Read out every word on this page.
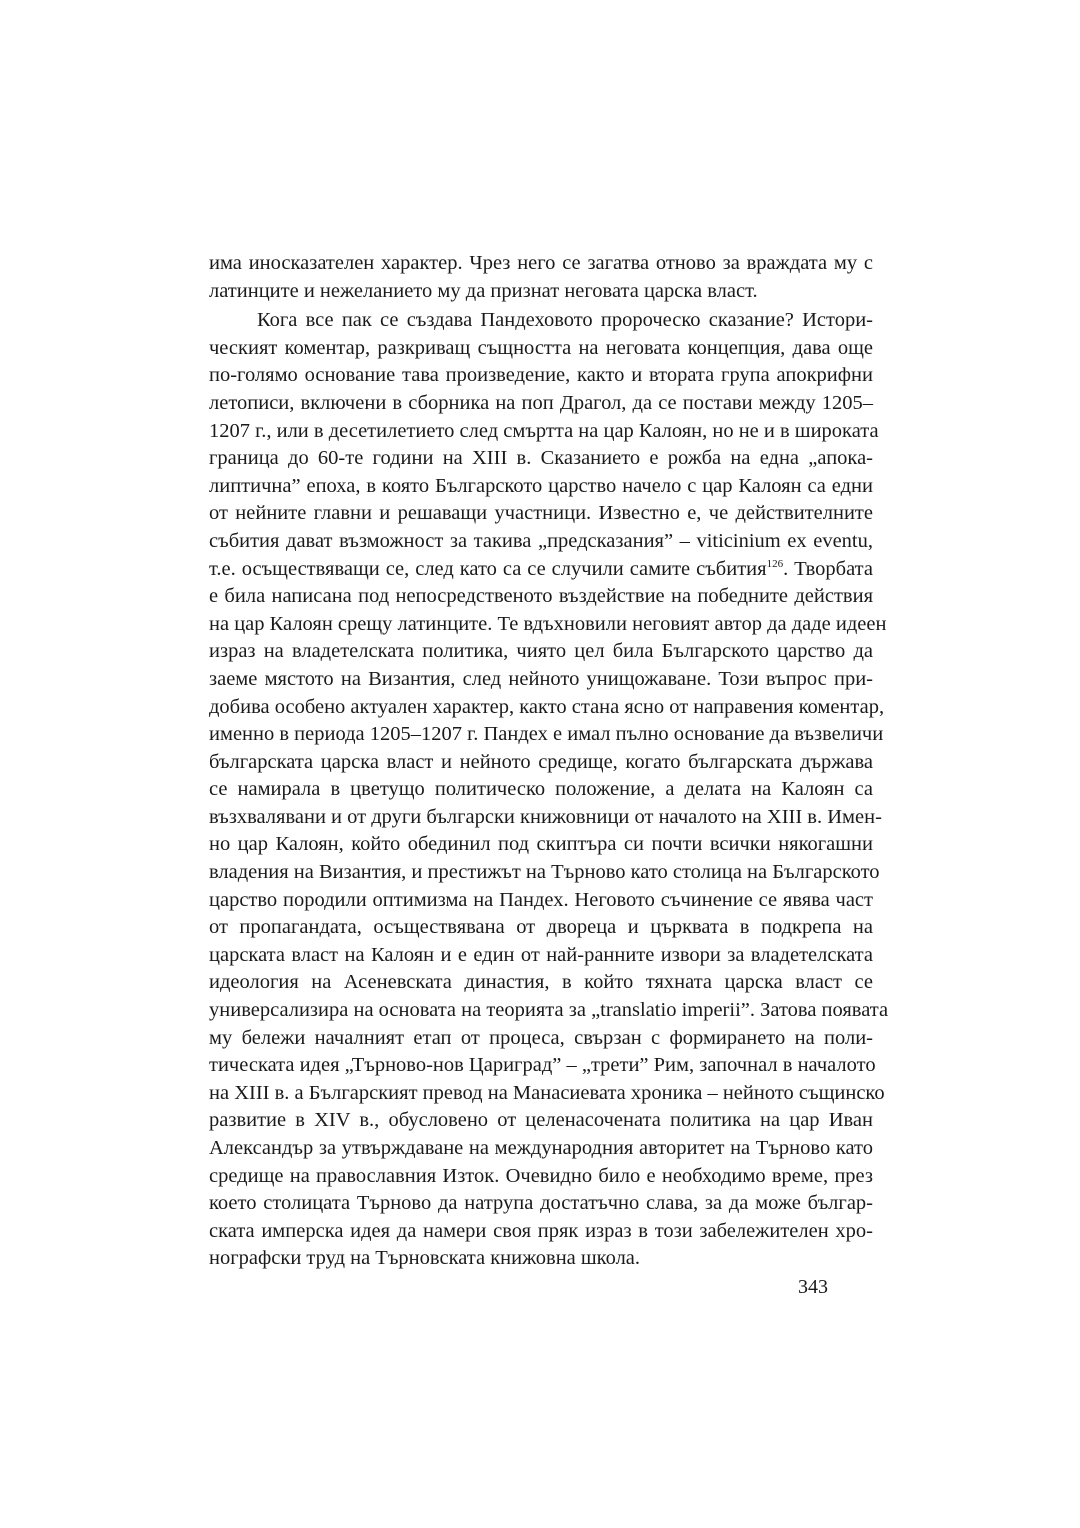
има иносказателен характер. Чрез него се загатва отново за враждата му с
латинците и нежеланието му да признат неговата царска власт.
Кога все пак се създава Пандеховото пророческо сказание? Истори-
ческият коментар, разкриващ същността на неговата концепция, дава още
по-голямо основание тава произведение, както и втората група апокрифни
летописи, включени в сборника на поп Драгол, да се постави между 1205–
1207 г., или в десетилетието след смъртта на цар Калоян, но не и в широката
граница до 60-те години на XIII в. Сказанието е рожба на една „апока-
липтична” епоха, в която Българското царство начело с цар Калоян са едни
от нейните главни и решаващи участници. Известно е, че действителните
събития дават възможност за такива „предсказания” – viticinium ex eventu,
т.е. осъществяващи се, след като са се случили самите събития$^{126}$. Творбата
е била написана под непосредственото въздействие на победните действия
на цар Калоян срещу латинците. Те вдъхновили неговият автор да даде идеен
израз на владетелската политика, чиято цел била Българското царство да
заеме мястото на Византия, след нейното унищожаване. Този въпрос при-
добива особено актуален характер, както стана ясно от направения коментар,
именно в периода 1205–1207 г. Пандех е имал пълно основание да възвеличи
българската царска власт и нейното средище, когато българската държава
се намирала в цветущо политическо положение, а делата на Калоян са
възхвалявани и от други български книжовници от началото на XIII в. Имен-
но цар Калоян, който обединил под скиптъра си почти всички някогашни
владения на Византия, и престижът на Търново като столица на Българското
царство породили оптимизма на Пандех. Неговото съчинение се явява част
от пропагандата, осъществявана от двореца и църквата в подкрепа на
царската власт на Калоян и е един от най-ранните извори за владетелската
идеология на Асеневската династия, в който тяхната царска власт се
универсализира на основата на теорията за „translatio imperii”. Затова появата
му бележи началният етап от процеса, свързан с формирането на поли-
тическата идея „Търново-нов Цариград” – „трети” Рим, започнал в началото
на XIII в. а Българският превод на Манасиевата хроника – нейното същинско
развитие в XIV в., обусловено от целенасочената политика на цар Иван
Александър за утвърждаване на международния авторитет на Търново като
средище на православния Изток. Очевидно било е необходимо време, през
което столицата Търново да натрупа достатъчно слава, за да може българ-
ската имперска идея да намери своя пряк израз в този забележителен хро-
нографски труд на Търновската книжовна школа.
343
